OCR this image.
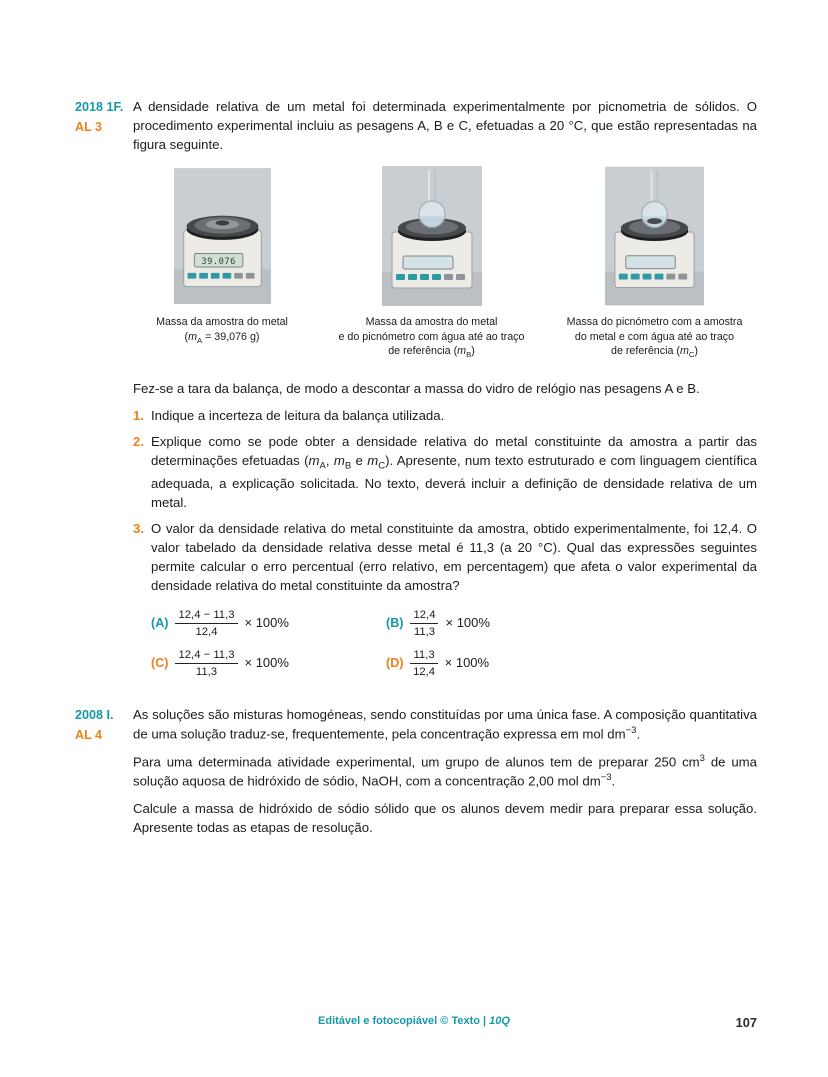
2018 1F.
AL 3

A densidade relativa de um metal foi determinada experimentalmente por picnometria de sólidos. O procedimento experimental incluiu as pesagens A, B e C, efetuadas a 20 °C, que estão representadas na figura seguinte.

39.076
Massa da amostra do metal
($m_A = 39,076$ g)
Massa da amostra do metal
e do picnómetro com água até ao traço
de referência $(m_B)$
Massa do picnómetro com a amostra
do metal e com água até ao traço
de referência $(m_C)$

Fez-se a tara da balança, de modo a descontar a massa do vidro de relógio nas pesagens A e B.

1. Indique a incerteza de leitura da balança utilizada.
2. Explique como se pode obter a densidade relativa do metal constituinte da amostra a partir das determinações efetuadas ($m_A$, $m_B$ e $m_C$). Apresente, num texto estruturado e com linguagem científica adequada, a explicação solicitada. No texto, deverá incluir a definição de densidade relativa de um metal.
3. O valor da densidade relativa do metal constituinte da amostra, obtido experimentalmente, foi 12,4. O valor tabelado da densidade relativa desse metal é 11,3 (a 20 °C). Qual das expressões seguintes permite calcular o erro percentual (erro relativo, em percentagem) que afeta o valor experimental da densidade relativa do metal constituinte da amostra?
$(A) \frac{12,4 - 11,3}{12,4} \times 100\%$	$(B) \frac{12,4}{11,3} \times 100\%$
$(C) \frac{12,4 - 11,3}{11,3} \times 100\%$	$(D) \frac{11,3}{12,4} \times 100\%$
2008 I.
AL 4

As soluções são misturas homogéneas, sendo constituídas por uma única fase. A composição quantitativa de uma solução traduz-se, frequentemente, pela concentração expressa em mol $dm^{-3}$.

Para uma determinada atividade experimental, um grupo de alunos tem de preparar 250 $cm^3$ de uma solução aquosa de hidróxido de sódio, NaOH, com a concentração 2,00 mol $dm^{-3}$.

Calcule a massa de hidróxido de sódio sólido que os alunos devem medir para preparar essa solução. Apresente todas as etapas de resolução.

Editável e fotocopiável © Texto | 10Q	107
